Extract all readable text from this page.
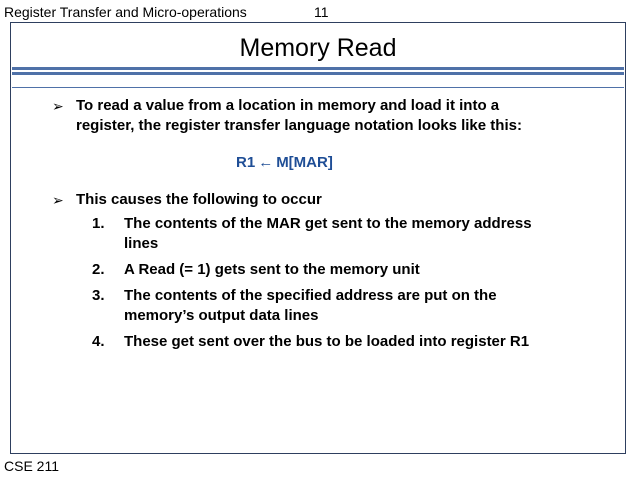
Register Transfer and Micro-operations	11
Memory Read
➢ To read a value from a location in memory and load it into a register, the register transfer language notation looks like this:
R1 ← M[MAR]
➢ This causes the following to occur
1. The contents of the MAR get sent to the memory address lines
2. A Read (= 1) gets sent to the memory unit
3. The contents of the specified address are put on the memory’s output data lines
4. These get sent over the bus to be loaded into register R1
CSE 211
